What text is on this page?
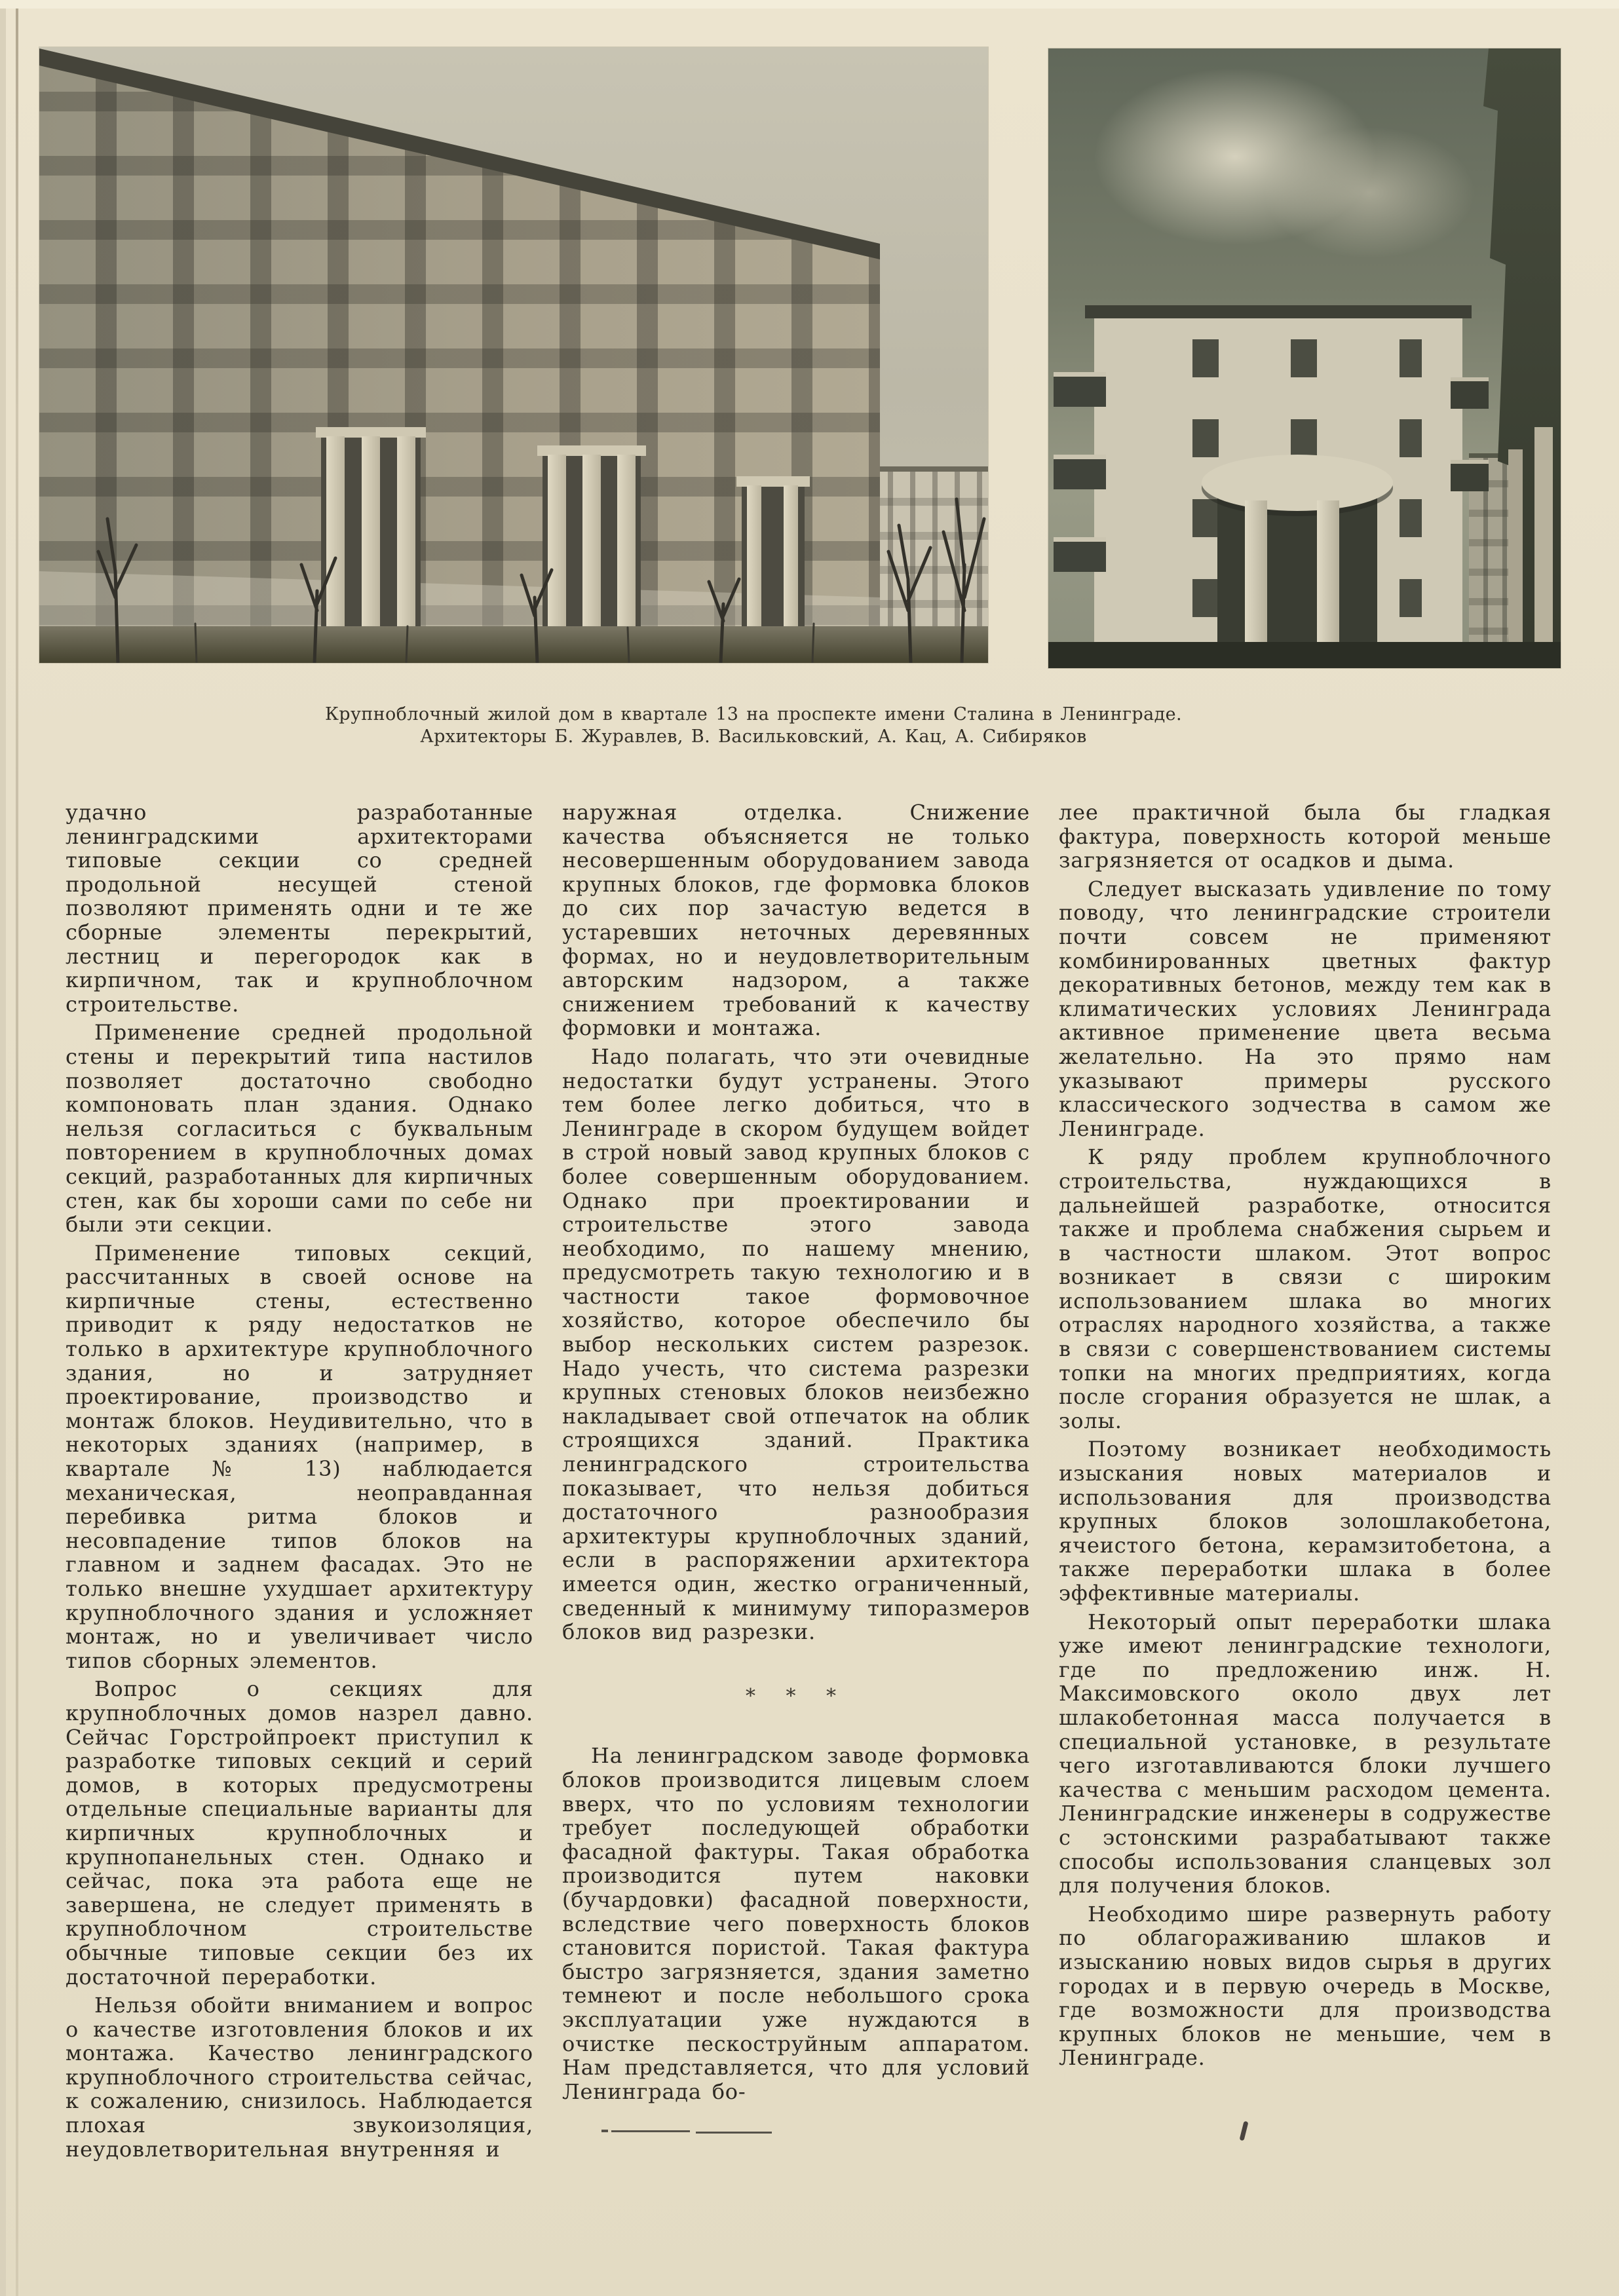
Крупноблочный жилой дом в квартале 13 на проспекте имени Сталина в Ленинграде.
Архитекторы Б. Журавлев, В. Васильковский, А. Кац, А. Сибиряков

удачно разработанные ленинградскими архитекторами типовые секции со средней продольной несущей стеной позволяют применять одни и те же сборные элементы перекрытий, лестниц и перегородок как в кирпичном, так и крупноблочном строительстве.

Применение средней продольной стены и перекрытий типа настилов позволяет достаточно свободно компоновать план здания. Однако нельзя согласиться с буквальным повторением в крупноблочных домах секций, разработанных для кирпичных стен, как бы хороши сами по себе ни были эти секции.

Применение типовых секций, рассчитанных в своей основе на кирпичные стены, естественно приводит к ряду недостатков не только в архитектуре крупноблочного здания, но и затрудняет проектирование, производство и монтаж блоков. Неудивительно, что в некоторых зданиях (например, в квартале № 13) наблюдается механическая, неоправданная перебивка ритма блоков и несовпадение типов блоков на главном и заднем фасадах. Это не только внешне ухудшает архитектуру крупноблочного здания и усложняет монтаж, но и увеличивает число типов сборных элементов.

Вопрос о секциях для крупноблочных домов назрел давно. Сейчас Горстройпроект приступил к разработке типовых секций и серий домов, в которых предусмотрены отдельные специальные варианты для кирпичных крупноблочных и крупнопанельных стен. Однако и сейчас, пока эта работа еще не завершена, не следует применять в крупноблочном строительстве обычные типовые секции без их достаточной переработки.

Нельзя обойти вниманием и вопрос о качестве изготовления блоков и их монтажа. Качество ленинградского крупноблочного строительства сейчас, к сожалению, снизилось. Наблюдается плохая звукоизоляция, неудовлетворительная внутренняя и

наружная отделка. Снижение качества объясняется не только несовершенным оборудованием завода крупных блоков, где формовка блоков до сих пор зачастую ведется в устаревших неточных деревянных формах, но и неудовлетворительным авторским надзором, а также снижением требований к качеству формовки и монтажа.

Надо полагать, что эти очевидные недостатки будут устранены. Этого тем более легко добиться, что в Ленинграде в скором будущем войдет в строй новый завод крупных блоков с более совершенным оборудованием. Однако при проектировании и строительстве этого завода необходимо, по нашему мнению, предусмотреть такую технологию и в частности такое формовочное хозяйство, которое обеспечило бы выбор нескольких систем разрезок. Надо учесть, что система разрезки крупных стеновых блоков неизбежно накладывает свой отпечаток на облик строящихся зданий. Практика ленинградского строительства показывает, что нельзя добиться достаточного разнообразия архитектуры крупноблочных зданий, если в распоряжении архитектора имеется один, жестко ограниченный, сведенный к минимуму типоразмеров блоков вид разрезки.

* * *

На ленинградском заводе формовка блоков производится лицевым слоем вверх, что по условиям технологии требует последующей обработки фасадной фактуры. Такая обработка производится путем наковки (бучардовки) фасадной поверхности, вследствие чего поверхность блоков становится пористой. Такая фактура быстро загрязняется, здания заметно темнеют и после небольшого срока эксплуатации уже нуждаются в очистке пескоструйным аппаратом. Нам представляется, что для условий Ленинграда бо-

лее практичной была бы гладкая фактура, поверхность которой меньше загрязняется от осадков и дыма.

Следует высказать удивление по тому поводу, что ленинградские строители почти совсем не применяют комбинированных цветных фактур декоративных бетонов, между тем как в климатических условиях Ленинграда активное применение цвета весьма желательно. На это прямо нам указывают примеры русского классического зодчества в самом же Ленинграде.

К ряду проблем крупноблочного строительства, нуждающихся в дальнейшей разработке, относится также и проблема снабжения сырьем и в частности шлаком. Этот вопрос возникает в связи с широким использованием шлака во многих отраслях народного хозяйства, а также в связи с совершенствованием системы топки на многих предприятиях, когда после сгорания образуется не шлак, а золы.

Поэтому возникает необходимость изыскания новых материалов и использования для производства крупных блоков золошлакобетона, ячеистого бетона, керамзитобетона, а также переработки шлака в более эффективные материалы.

Некоторый опыт переработки шлака уже имеют ленинградские технологи, где по предложению инж. Н. Максимовского около двух лет шлакобетонная масса получается в специальной установке, в результате чего изготавливаются блоки лучшего качества с меньшим расходом цемента. Ленинградские инженеры в содружестве с эстонскими разрабатывают также способы использования сланцевых зол для получения блоков.

Необходимо шире развернуть работу по облагораживанию шлаков и изысканию новых видов сырья в других городах и в первую очередь в Москве, где возможности для производства крупных блоков не меньшие, чем в Ленинграде.
